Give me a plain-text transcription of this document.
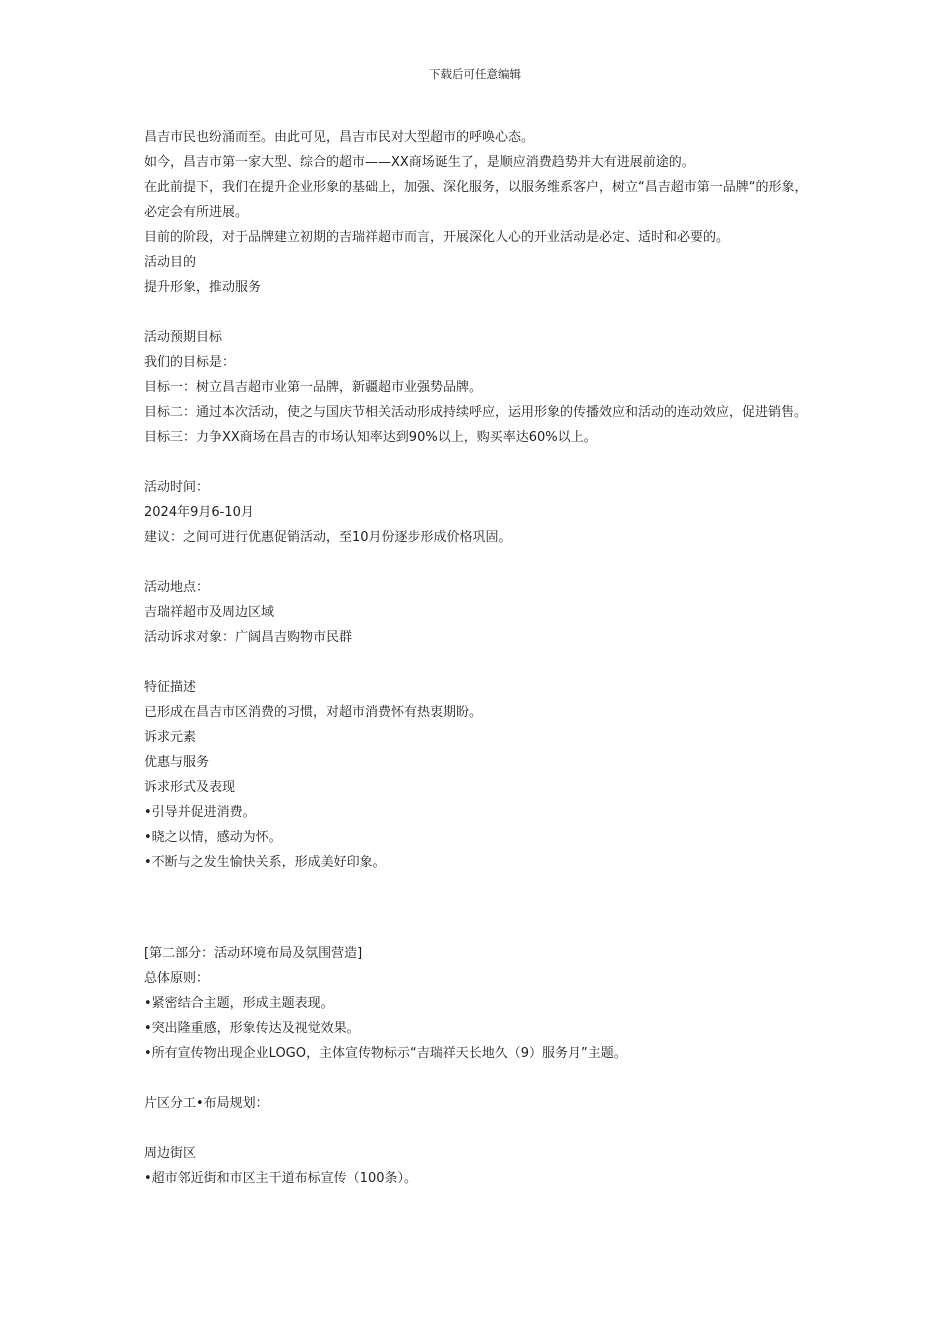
下载后可任意编辑

昌吉市民也纷涌而至。由此可见，昌吉市民对大型超市的呼唤心态。

如今，昌吉市第一家大型、综合的超市——XX商场诞生了，是顺应消费趋势并大有进展前途的。

在此前提下，我们在提升企业形象的基础上，加强、深化服务，以服务维系客户，树立“昌吉超市第一品牌“的形象，必定会有所进展。

目前的阶段，对于品牌建立初期的吉瑞祥超市而言，开展深化人心的开业活动是必定、适时和必要的。

活动目的

提升形象，推动服务

活动预期目标

我们的目标是：

目标一：树立昌吉超市业第一品牌，新疆超市业强势品牌。

目标二：通过本次活动，使之与国庆节相关活动形成持续呼应，运用形象的传播效应和活动的连动效应，促进销售。

目标三：力争XX商场在昌吉的市场认知率达到90%以上，购买率达60%以上。

活动时间：

2024年9月6-10月

建议：之间可进行优惠促销活动，至10月份逐步形成价格巩固。

活动地点：

吉瑞祥超市及周边区域

活动诉求对象：广阔昌吉购物市民群

特征描述

已形成在昌吉市区消费的习惯，对超市消费怀有热衷期盼。

诉求元素

优惠与服务

诉求形式及表现

•引导并促进消费。

•晓之以情，感动为怀。

•不断与之发生愉快关系，形成美好印象。

[第二部分：活动环境布局及氛围营造]

总体原则：

•紧密结合主题，形成主题表现。

•突出隆重感，形象传达及视觉效果。

•所有宣传物出现企业LOGO，主体宣传物标示“吉瑞祥天长地久（9）服务月”主题。

片区分工•布局规划：

周边街区

•超市邻近街和市区主干道布标宣传（100条）。
